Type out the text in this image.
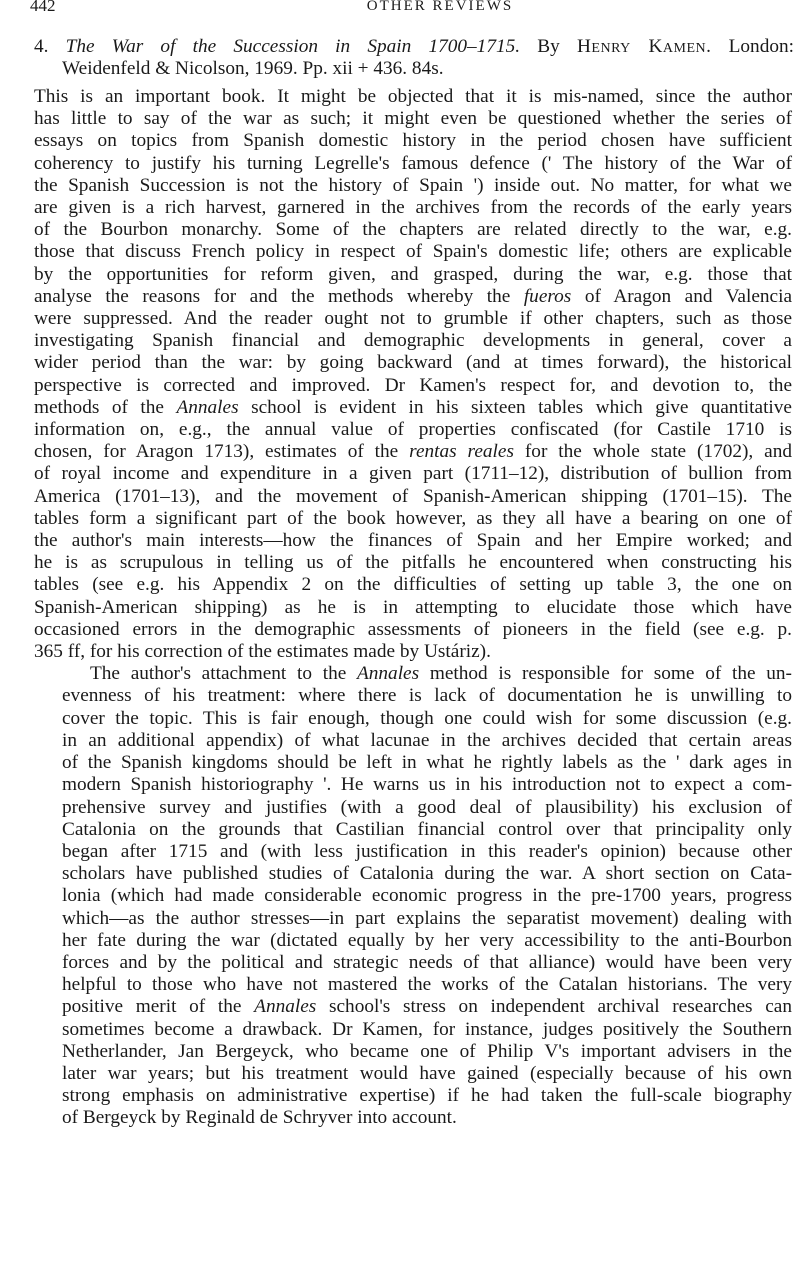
442	OTHER REVIEWS
4. The War of the Succession in Spain 1700–1715. By Henry Kamen. London:
Weidenfeld & Nicolson, 1969. Pp. xii + 436. 84s.

This is an important book. It might be objected that it is mis-named, since the author
has little to say of the war as such; it might even be questioned whether the series of
essays on topics from Spanish domestic history in the period chosen have sufficient
coherency to justify his turning Legrelle's famous defence (' The history of the War of
the Spanish Succession is not the history of Spain ') inside out. No matter, for what we
are given is a rich harvest, garnered in the archives from the records of the early years
of the Bourbon monarchy. Some of the chapters are related directly to the war, e.g.
those that discuss French policy in respect of Spain's domestic life; others are explicable
by the opportunities for reform given, and grasped, during the war, e.g. those that
analyse the reasons for and the methods whereby the fueros of Aragon and Valencia
were suppressed. And the reader ought not to grumble if other chapters, such as those
investigating Spanish financial and demographic developments in general, cover a
wider period than the war: by going backward (and at times forward), the historical
perspective is corrected and improved. Dr Kamen's respect for, and devotion to, the
methods of the Annales school is evident in his sixteen tables which give quantitative
information on, e.g., the annual value of properties confiscated (for Castile 1710 is
chosen, for Aragon 1713), estimates of the rentas reales for the whole state (1702), and
of royal income and expenditure in a given part (1711–12), distribution of bullion from
America (1701–13), and the movement of Spanish-American shipping (1701–15). The
tables form a significant part of the book however, as they all have a bearing on one of
the author's main interests—how the finances of Spain and her Empire worked; and
he is as scrupulous in telling us of the pitfalls he encountered when constructing his
tables (see e.g. his Appendix 2 on the difficulties of setting up table 3, the one on
Spanish-American shipping) as he is in attempting to elucidate those which have
occasioned errors in the demographic assessments of pioneers in the field (see e.g. p.
365 ff, for his correction of the estimates made by Ustáriz).

The author's attachment to the Annales method is responsible for some of the un-
evenness of his treatment: where there is lack of documentation he is unwilling to
cover the topic. This is fair enough, though one could wish for some discussion (e.g.
in an additional appendix) of what lacunae in the archives decided that certain areas
of the Spanish kingdoms should be left in what he rightly labels as the ' dark ages in
modern Spanish historiography '. He warns us in his introduction not to expect a com-
prehensive survey and justifies (with a good deal of plausibility) his exclusion of
Catalonia on the grounds that Castilian financial control over that principality only
began after 1715 and (with less justification in this reader's opinion) because other
scholars have published studies of Catalonia during the war. A short section on Cata-
lonia (which had made considerable economic progress in the pre-1700 years, progress
which—as the author stresses—in part explains the separatist movement) dealing with
her fate during the war (dictated equally by her very accessibility to the anti-Bourbon
forces and by the political and strategic needs of that alliance) would have been very
helpful to those who have not mastered the works of the Catalan historians. The very
positive merit of the Annales school's stress on independent archival researches can
sometimes become a drawback. Dr Kamen, for instance, judges positively the Southern
Netherlander, Jan Bergeyck, who became one of Philip V's important advisers in the
later war years; but his treatment would have gained (especially because of his own
strong emphasis on administrative expertise) if he had taken the full-scale biography
of Bergeyck by Reginald de Schryver into account.
